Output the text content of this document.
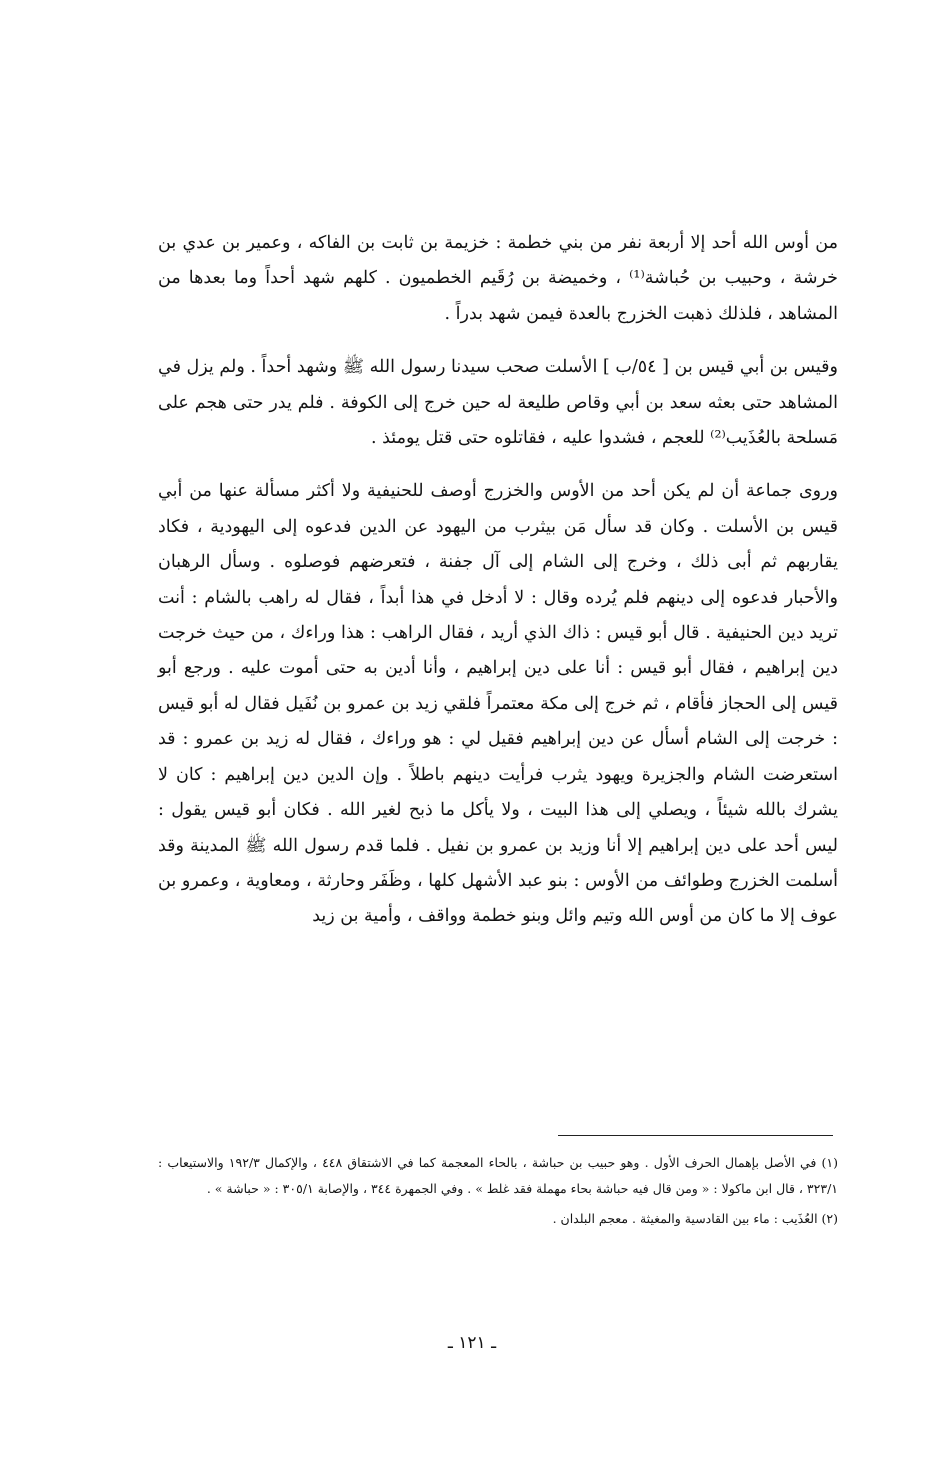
من أوس الله أحد إلا أربعة نفر من بني خطمة : خزيمة بن ثابت بن الفاكه ، وعمير بن عدي بن خرشة ، وحبيب بن حُباشة⁽¹⁾ ، وخميضة بن رُقَيم الخطميون . كلهم شهد أحداً وما بعدها من المشاهد ، فلذلك ذهبت الخزرج بالعدة فيمن شهد بدراً .

وقيس بن أبي قيس بن [ ٥٤/ب ] الأسلت صحب سيدنا رسول الله ﷺ وشهد أحداً . ولم يزل في المشاهد حتى بعثه سعد بن أبي وقاص طليعة له حين خرج إلى الكوفة . فلم يدر حتى هجم على مَسلحة بالعُذَيب⁽²⁾ للعجم ، فشدوا عليه ، فقاتلوه حتى قتل يومئذ .

وروى جماعة أن لم يكن أحد من الأوس والخزرج أوصف للحنيفية ولا أكثر مسألة عنها من أبي قيس بن الأسلت . وكان قد سأل مَن بيثرب من اليهود عن الدين فدعوه إلى اليهودية ، فكاد يقاربهم ثم أبى ذلك ، وخرج إلى الشام إلى آل جفنة ، فتعرضهم فوصلوه . وسأل الرهبان والأحبار فدعوه إلى دينهم فلم يُرده وقال : لا أدخل في هذا أبداً ، فقال له راهب بالشام : أنت تريد دين الحنيفية . قال أبو قيس : ذاك الذي أريد ، فقال الراهب : هذا وراءك ، من حيث خرجت دين إبراهيم ، فقال أبو قيس : أنا على دين إبراهيم ، وأنا أدين به حتى أموت عليه . ورجع أبو قيس إلى الحجاز فأقام ، ثم خرج إلى مكة معتمراً فلقي زيد بن عمرو بن نُفَيل فقال له أبو قيس : خرجت إلى الشام أسأل عن دين إبراهيم فقيل لي : هو وراءك ، فقال له زيد بن عمرو : قد استعرضت الشام والجزيرة ويهود يثرب فرأيت دينهم باطلاً . وإن الدين دين إبراهيم : كان لا يشرك بالله شيئاً ، ويصلي إلى هذا البيت ، ولا يأكل ما ذبح لغير الله . فكان أبو قيس يقول : ليس أحد على دين إبراهيم إلا أنا وزيد بن عمرو بن نفيل . فلما قدم رسول الله ﷺ المدينة وقد أسلمت الخزرج وطوائف من الأوس : بنو عبد الأشهل كلها ، وظَفَر وحارثة ، ومعاوية ، وعمرو بن عوف إلا ما كان من أوس الله وتيم وائل وبنو خطمة وواقف ، وأمية بن زيد

(١) في الأصل بإهمال الحرف الأول . وهو حبيب بن حباشة ، بالحاء المعجمة كما في الاشتقاق ٤٤٨ ، والإكمال ١٩٢/٣ والاستيعاب : ٣٢٣/١ ، قال ابن ماكولا : « ومن قال فيه حباشة بحاء مهملة فقد غلط » . وفي الجمهرة ٣٤٤ ، والإصابة ٣٠٥/١ : « حباشة » .

(٢) العُذَيب : ماء بين القادسية والمغيثة . معجم البلدان .

ـ ١٢١ ـ
